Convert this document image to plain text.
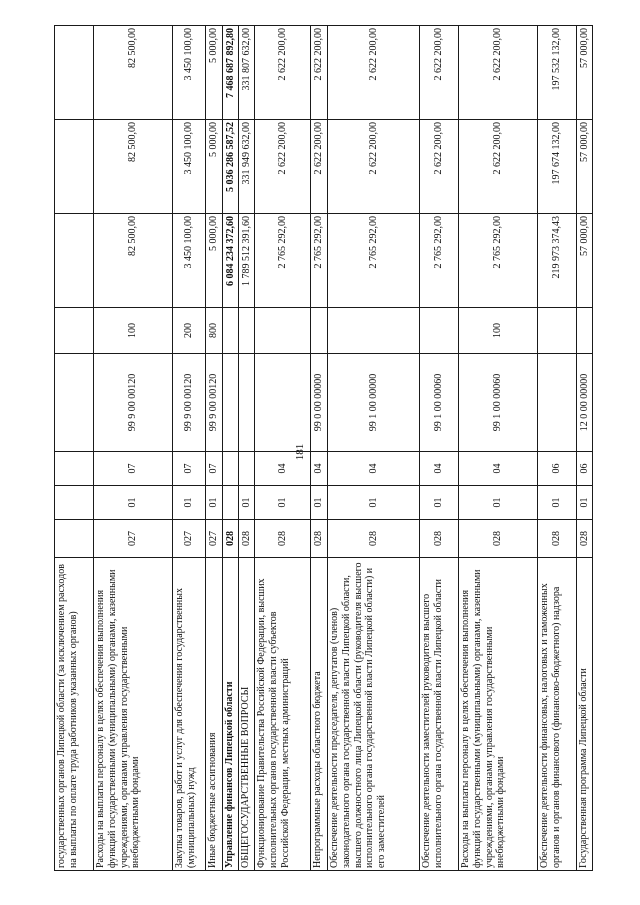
181
государственных органов Липецкой области (за исключением расходов на выплаты по оплате труда работников указанных органов)								
Расходы на выплаты персоналу в целях обеспечения выполнения функций государственными (муниципальными) органами, казенными учреждениями, органами управления государственными внебюджетными фондами	027	01	07	99 9 00 00120	100	82 500,00	82 500,00	82 500,00
Закупка товаров, работ и услуг для обеспечения государственных (муниципальных) нужд	027	01	07	99 9 00 00120	200	3 450 100,00	3 450 100,00	3 450 100,00
Иные бюджетные ассигнования	027	01	07	99 9 00 00120	800	5 000,00	5 000,00	5 000,00
Управление финансов Липецкой области	028					6 084 234 372,60	5 036 286 587,52	7 468 687 892,80
ОБЩЕГОСУДАРСТВЕННЫЕ ВОПРОСЫ	028	01				1 789 512 391,60	331 949 632,00	331 807 632,00
Функционирование Правительства Российской Федерации, высших исполнительных органов государственной власти субъектов Российской Федерации, местных администраций	028	01	04			2 765 292,00	2 622 200,00	2 622 200,00
Непрограммные расходы областного бюджета	028	01	04	99 0 00 00000		2 765 292,00	2 622 200,00	2 622 200,00
Обеспечение деятельности председателя, депутатов (членов) законодательного органа государственной власти Липецкой области, высшего должностного лица Липецкой области (руководителя высшего исполнительного органа государственной власти Липецкой области) и его заместителей	028	01	04	99 1 00 00000		2 765 292,00	2 622 200,00	2 622 200,00
Обеспечение деятельности заместителей руководителя высшего исполнительного органа государственной власти Липецкой области	028	01	04	99 1 00 00060		2 765 292,00	2 622 200,00	2 622 200,00
Расходы на выплаты персоналу в целях обеспечения выполнения функций государственными (муниципальными) органами, казенными учреждениями, органами управления государственными внебюджетными фондами	028	01	04	99 1 00 00060	100	2 765 292,00	2 622 200,00	2 622 200,00
Обеспечение деятельности финансовых, налоговых и таможенных органов и органов финансового (финансово-бюджетного) надзора	028	01	06			219 973 374,43	197 674 132,00	197 532 132,00
Государственная программа Липецкой области	028	01	06	12 0 00 00000		57 000,00	57 000,00	57 000,00
